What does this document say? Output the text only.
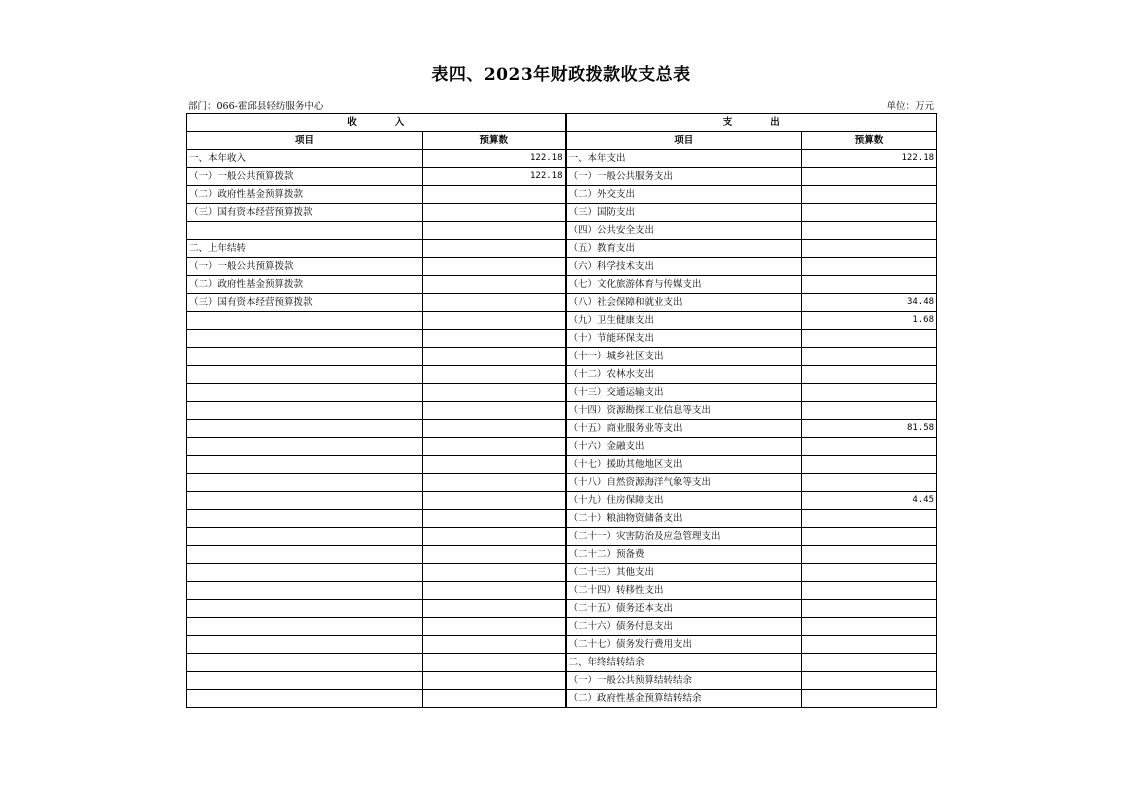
表四、2023年财政拨款收支总表
部门：066-霍邱县轻纺服务中心	单位：万元
收　　　　入		支　　　　出	
项目	预算数	项目	预算数
一、本年收入	122.18	一、本年支出	122.18
（一）一般公共预算拨款	122.18	（一）一般公共服务支出	
（二）政府性基金预算拨款		（二）外交支出	
（三）国有资本经营预算拨款		（三）国防支出	
		（四）公共安全支出	
二、上年结转		（五）教育支出	
（一）一般公共预算拨款		（六）科学技术支出	
（二）政府性基金预算拨款		（七）文化旅游体育与传媒支出	
（三）国有资本经营预算拨款		（八）社会保障和就业支出	34.48
		（九）卫生健康支出	1.68
		（十）节能环保支出	
		（十一）城乡社区支出	
		（十二）农林水支出	
		（十三）交通运输支出	
		（十四）资源勘探工业信息等支出	
		（十五）商业服务业等支出	81.58
		（十六）金融支出	
		（十七）援助其他地区支出	
		（十八）自然资源海洋气象等支出	
		（十九）住房保障支出	4.45
		（二十）粮油物资储备支出	
		（二十一）灾害防治及应急管理支出	
		（二十二）预备费	
		（二十三）其他支出	
		（二十四）转移性支出	
		（二十五）债务还本支出	
		（二十六）债务付息支出	
		（二十七）债务发行费用支出	
		二、年终结转结余	
		（一）一般公共预算结转结余	
		（二）政府性基金预算结转结余	
